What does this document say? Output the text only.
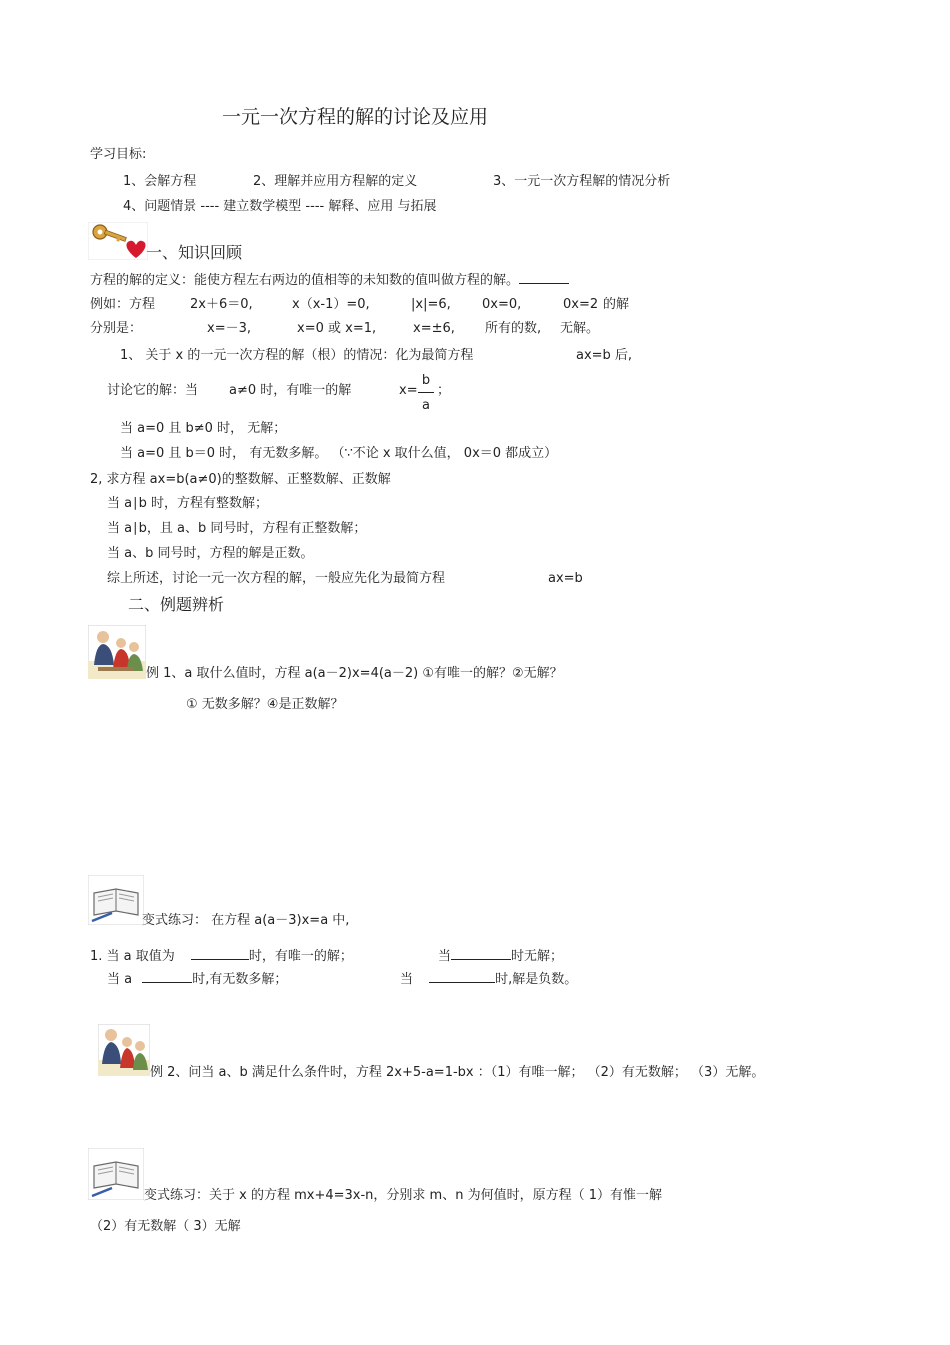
一元一次方程的解的讨论及应用
学习目标:
1、会解方程	2、理解并应用方程解的定义	3、一元一次方程解的情况分析
4、问题情景 ---- 建立数学模型 ---- 解释、应用 与拓展
一、知识回顾
方程的解的定义：能使方程左右两边的值相等的未知数的值叫做方程的解。
例如：方程	2x＋6＝0,	x（x-1）=0,	|x|=6, 0x=0,	0x=2 的解
分别是：	x=－3,	x=0 或 x=1,	x=±6, 所有的数, 无解。
1、 关于 x 的一元一次方程的解（根）的情况：化为最简方程	ax=b 后,
讨论它的解：当 a≠0 时，有唯一的解	x=
b
a
；
当 a=0 且 b≠0 时， 无解；
当 a=0 且 b＝0 时， 有无数多解。 （∵不论 x 取什么值， 0x＝0 都成立）
2, 求方程 ax=b(a≠0)的整数解、正整数解、正数解
当 a∣b 时，方程有整数解；
当 a∣b，且 a、b 同号时，方程有正整数解；
当 a、b 同号时，方程的解是正数。
综上所述，讨论一元一次方程的解，一般应先化为最简方程	ax=b
二、例题辨析
例 1、a 取什么值时，方程 a(a－2)x=4(a－2) ①有唯一的解？②无解？
① 无数多解？④是正数解？
变式练习： 在方程 a(a－3)x=a 中,
1. 当 a 取值为	时，有唯一的解；	当	时无解；
当 a	时,有无数多解；	当	时,解是负数。
例 2、问当 a、b 满足什么条件时，方程 2x+5-a=1-bx ：（1）有唯一解； （2）有无数解； （3）无解。
变式练习：关于 x 的方程 mx+4=3x-n，分别求 m、n 为何值时，原方程（ 1）有惟一解
（2）有无数解（ 3）无解
